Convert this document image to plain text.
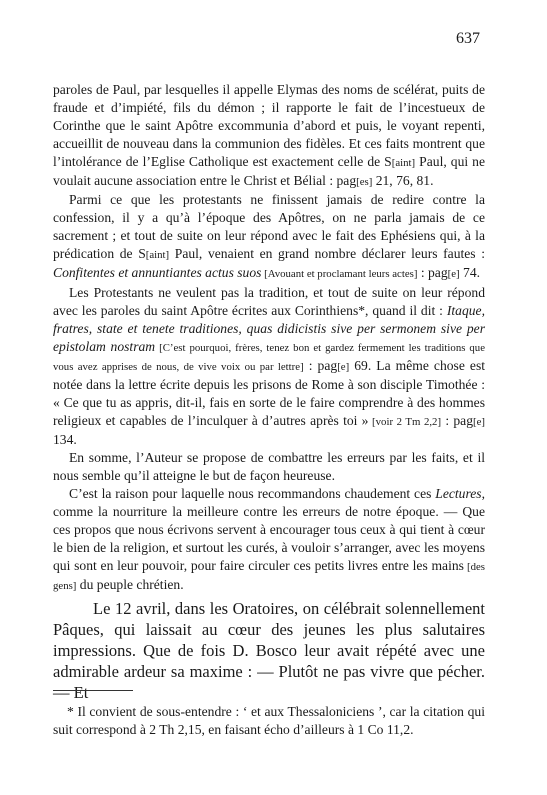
637

paroles de Paul, par lesquelles il appelle Elymas des noms de scélérat, puits de fraude et d’impiété, fils du démon ; il rapporte le fait de l’incestueux de Corinthe que le saint Apôtre excommunia d’abord et puis, le voyant repenti, accueillit de nouveau dans la communion des fidèles. Et ces faits montrent que l’intolérance de l’Eglise Catholique est exactement celle de S[aint] Paul, qui ne voulait aucune association entre le Christ et Bélial : pag[es] 21, 76, 81.

Parmi ce que les protestants ne finissent jamais de redire contre la confession, il y a qu’à l’époque des Apôtres, on ne parla jamais de ce sacrement ; et tout de suite on leur répond avec le fait des Ephésiens qui, à la prédication de S[aint] Paul, venaient en grand nombre déclarer leurs fautes : Confitentes et annuntiantes actus suos [Avouant et proclamant leurs actes] : pag[e] 74.

Les Protestants ne veulent pas la tradition, et tout de suite on leur répond avec les paroles du saint Apôtre écrites aux Corinthiens*, quand il dit : Itaque, fratres, state et tenete traditiones, quas didicistis sive per sermonem sive per epistolam nostram [C’est pourquoi, frères, tenez bon et gardez fermement les traditions que vous avez apprises de nous, de vive voix ou par lettre] : pag[e] 69. La même chose est notée dans la lettre écrite depuis les prisons de Rome à son disciple Timothée : « Ce que tu as appris, dit-il, fais en sorte de le faire comprendre à des hommes religieux et capables de l’inculquer à d’autres après toi » [voir 2 Tm 2,2] : pag[e] 134.

En somme, l’Auteur se propose de combattre les erreurs par les faits, et il nous semble qu’il atteigne le but de façon heureuse.

C’est la raison pour laquelle nous recommandons chaudement ces Lectures, comme la nourriture la meilleure contre les erreurs de notre époque. — Que ces propos que nous écrivons servent à encourager tous ceux à qui tient à cœur le bien de la religion, et surtout les curés, à vouloir s’arranger, avec les moyens qui sont en leur pouvoir, pour faire circuler ces petits livres entre les mains [des gens] du peuple chrétien.

Le 12 avril, dans les Oratoires, on célébrait solennellement Pâques, qui laissait au cœur des jeunes les plus salutaires impressions. Que de fois D. Bosco leur avait répété avec une admirable ardeur sa maxime : — Plutôt ne pas vivre que pécher. — Et

* Il convient de sous-entendre : ‘ et aux Thessaloniciens ’, car la citation qui suit correspond à 2 Th 2,15, en faisant écho d’ailleurs à 1 Co 11,2.
